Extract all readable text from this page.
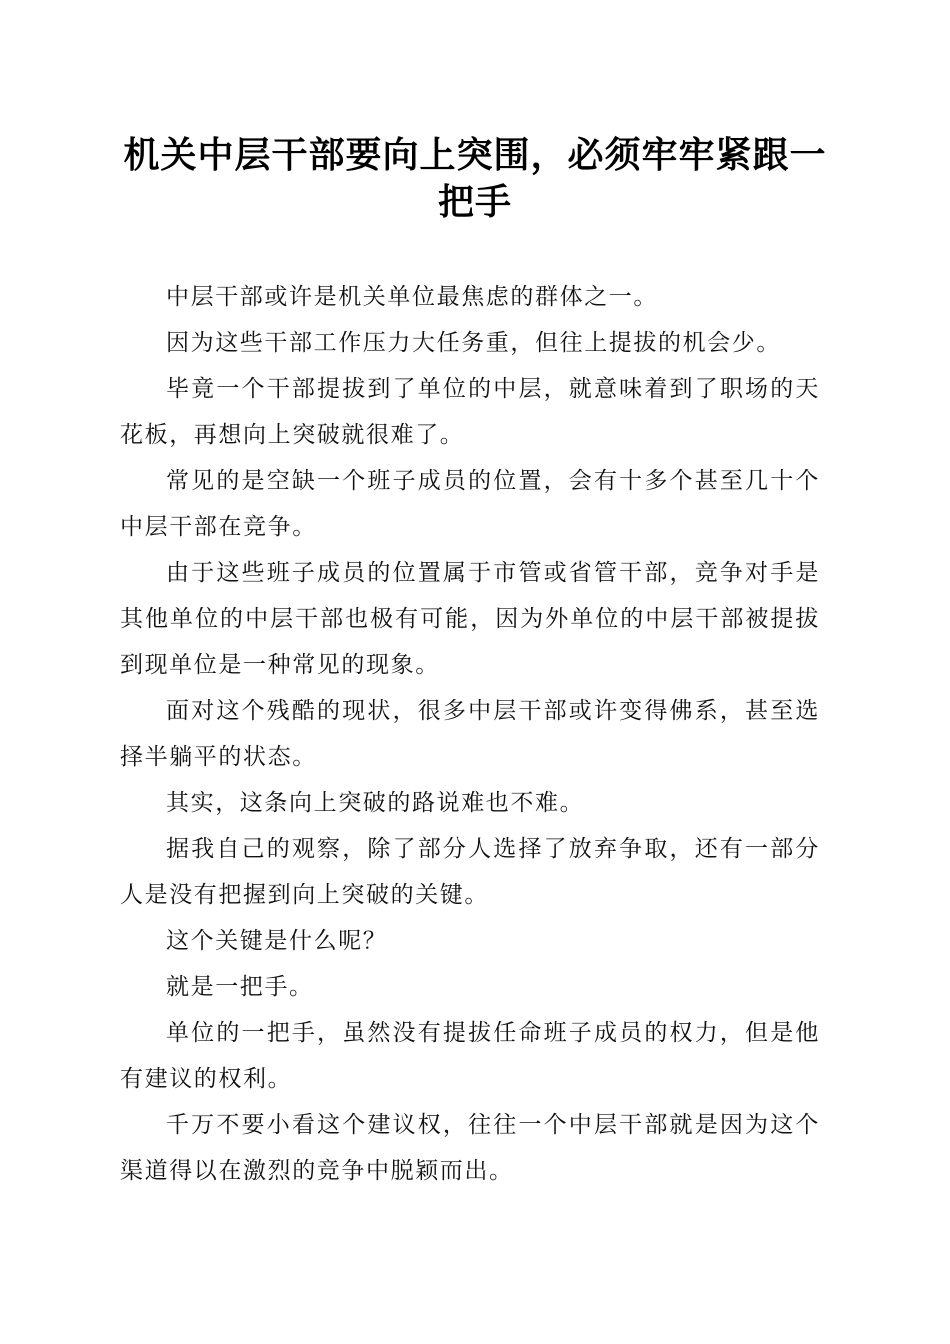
机关中层干部要向上突围，必须牢牢紧跟一把手

中层干部或许是机关单位最焦虑的群体之一。

因为这些干部工作压力大任务重，但往上提拔的机会少。

毕竟一个干部提拔到了单位的中层，就意味着到了职场的天花板，再想向上突破就很难了。

常见的是空缺一个班子成员的位置，会有十多个甚至几十个中层干部在竞争。

由于这些班子成员的位置属于市管或省管干部，竞争对手是其他单位的中层干部也极有可能，因为外单位的中层干部被提拔到现单位是一种常见的现象。

面对这个残酷的现状，很多中层干部或许变得佛系，甚至选择半躺平的状态。

其实，这条向上突破的路说难也不难。

据我自己的观察，除了部分人选择了放弃争取，还有一部分人是没有把握到向上突破的关键。

这个关键是什么呢？

就是一把手。

单位的一把手，虽然没有提拔任命班子成员的权力，但是他有建议的权利。

千万不要小看这个建议权，往往一个中层干部就是因为这个渠道得以在激烈的竞争中脱颖而出。
